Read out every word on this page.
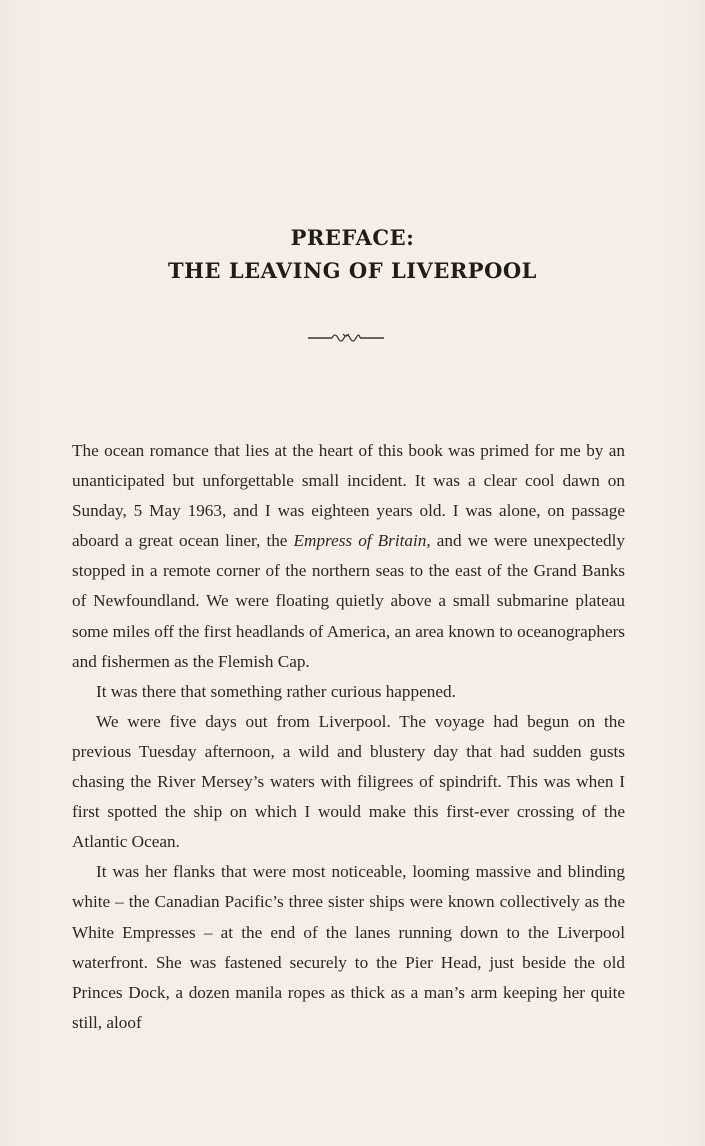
PREFACE:
THE LEAVING OF LIVERPOOL

The ocean romance that lies at the heart of this book was primed for me by an unanticipated but unforgettable small incident. It was a clear cool dawn on Sunday, 5 May 1963, and I was eighteen years old. I was alone, on passage aboard a great ocean liner, the Empress of Britain, and we were unexpectedly stopped in a remote corner of the northern seas to the east of the Grand Banks of Newfoundland. We were floating quietly above a small submarine plateau some miles off the first headlands of America, an area known to oceanographers and fishermen as the Flemish Cap.

It was there that something rather curious happened.

We were five days out from Liverpool. The voyage had begun on the previous Tuesday afternoon, a wild and blustery day that had sudden gusts chasing the River Mersey’s waters with filigrees of spindrift. This was when I first spotted the ship on which I would make this first-ever crossing of the Atlantic Ocean.

It was her flanks that were most noticeable, looming massive and blinding white – the Canadian Pacific’s three sister ships were known collectively as the White Empresses – at the end of the lanes running down to the Liverpool waterfront. She was fastened securely to the Pier Head, just beside the old Princes Dock, a dozen manila ropes as thick as a man’s arm keeping her quite still, aloof
